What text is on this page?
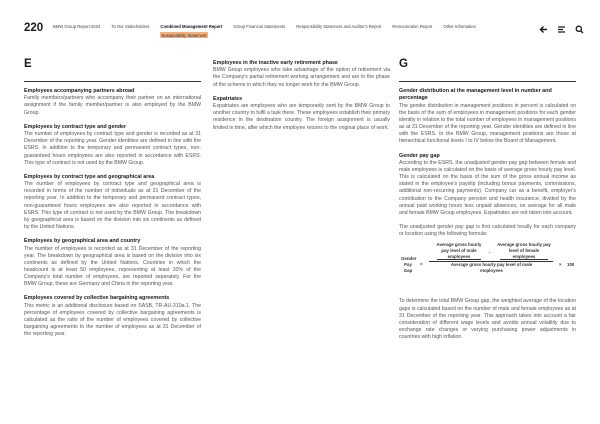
220 BMW Group Report 2024	To Our Stakeholders	Combined Management Report	Group Financial Statements	Responsibility Statement and Auditor's Report	Remuneration Report	Other Information
Sustainability Statement
E
Employees accompanying partners abroad
Family members/partners who accompany their partner on an international assignment if the family member/partner is also employed by the BMW Group.
Employees by contract type and gender
The number of employees by contract type and gender is recorded as at 31 December of the reporting year. Gender identities are defined in line with the ESRS. In addition to the temporary and permanent contract types, non-guaranteed hours employees are also reported in accordance with ESRS. This type of contract is not used by the BMW Group.
Employees by contract type and geographical area
The number of employees by contract type and geographical area is recorded in terms of the number of individuals as at 31 December of the reporting year. In addition to the temporary and permanent contract types, non-guaranteed hours employees are also reported in accordance with ESRS. This type of contract is not used by the BMW Group. The breakdown by geographical area is based on the division into six continents as defined by the United Nations.
Employees by geographical area and country
The number of employees is recorded as at 31 December of the reporting year. The breakdown by geographical area is based on the division into six continents as defined by the United Nations. Countries in which the headcount is at least 50 employees, representing at least 10% of the Company's total number of employees, are reported separately. For the BMW Group, these are Germany and China in the reporting year.
Employees covered by collective bargaining agreements
This metric is an additional disclosure based on SASB, TR-AU-310a.1. The percentage of employees covered by collective bargaining agreements is calculated as the ratio of the number of employees covered by collective bargaining agreements to the number of employees as at 31 December of the reporting year.
Employees in the inactive early retirement phase
BMW Group employees who take advantage of the option of retirement via the Company's partial retirement working arrangement and are in the phase of the scheme in which they no longer work for the BMW Group.
Expatriates
Expatriates are employees who are temporarily sent by the BMW Group to another country to fulfil a task there. These employees establish their primary residence in the destination country. The foreign assignment is usually limited in time, after which the employee returns to the original place of work.
G
Gender distribution at the management level in number and percentage
The gender distribution in management positions in percent is calculated on the basis of the sum of employees in management positions for each gender identity in relation to the total number of employees in management positions as at 31 December of the reporting year. Gender identities are defined in line with the ESRS. In the BMW Group, management positions are those at hierarchical functional levels I to IV below the Board of Management.
Gender pay gap
According to the ESRS, the unadjusted gender pay gap between female and male employees is calculated on the basis of average gross hourly pay level. This is calculated on the basis of the sum of the gross annual income as stated in the employee's payslip (including bonus payments, commissions, additional non-recurring payments), Company car as a benefit, employer's contribution to the Company pension and health insurance, divided by the annual paid working hours less unpaid absences, on average for all male and female BMW Group employees. Expatriates are not taken into account.
The unadjusted gender pay gap is first calculated locally for each company or location using the following formula:
Gender Pay Gap
=
Average gross hourly pay level of male employees
-
Average gross hourly pay level of female employees
Average gross hourly pay level of male employees
× 100
To determine the total BMW Group gap, the weighted average of the location gaps is calculated based on the number of male and female employees as at 31 December of the reporting year. This approach takes into account a fair consideration of different wage levels and avoids annual volatility due to exchange rate changes or varying purchasing power adjustments in countries with high inflation.
